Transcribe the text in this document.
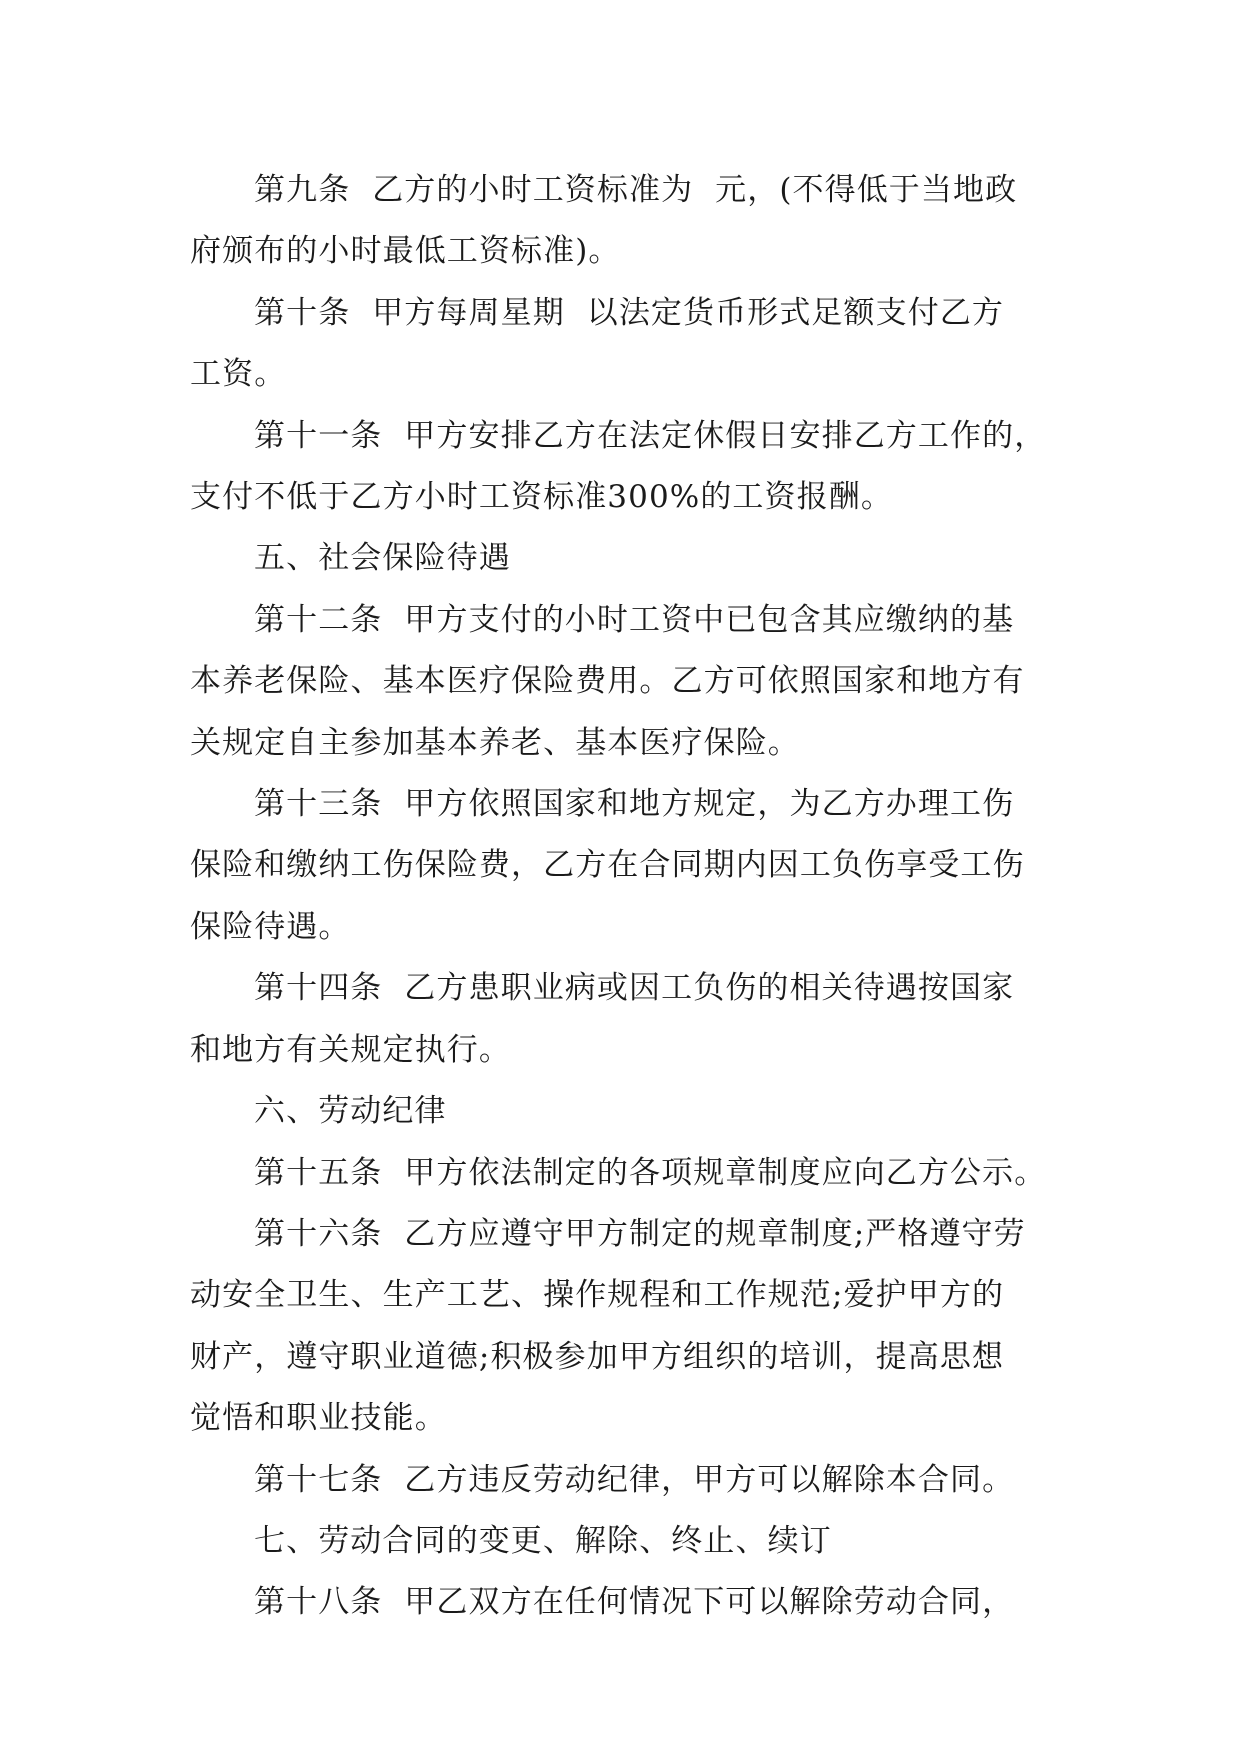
第九条  乙方的小时工资标准为  元，(不得低于当地政
府颁布的小时最低工资标准)。
第十条  甲方每周星期  以法定货币形式足额支付乙方
工资。
第十一条  甲方安排乙方在法定休假日安排乙方工作的，
支付不低于乙方小时工资标准300%的工资报酬。
五、社会保险待遇
第十二条  甲方支付的小时工资中已包含其应缴纳的基
本养老保险、基本医疗保险费用。乙方可依照国家和地方有
关规定自主参加基本养老、基本医疗保险。
第十三条  甲方依照国家和地方规定，为乙方办理工伤
保险和缴纳工伤保险费，乙方在合同期内因工负伤享受工伤
保险待遇。
第十四条  乙方患职业病或因工负伤的相关待遇按国家
和地方有关规定执行。
六、劳动纪律
第十五条  甲方依法制定的各项规章制度应向乙方公示。
第十六条  乙方应遵守甲方制定的规章制度;严格遵守劳
动安全卫生、生产工艺、操作规程和工作规范;爱护甲方的
财产，遵守职业道德;积极参加甲方组织的培训，提高思想
觉悟和职业技能。
第十七条  乙方违反劳动纪律，甲方可以解除本合同。
七、劳动合同的变更、解除、终止、续订
第十八条  甲乙双方在任何情况下可以解除劳动合同，
